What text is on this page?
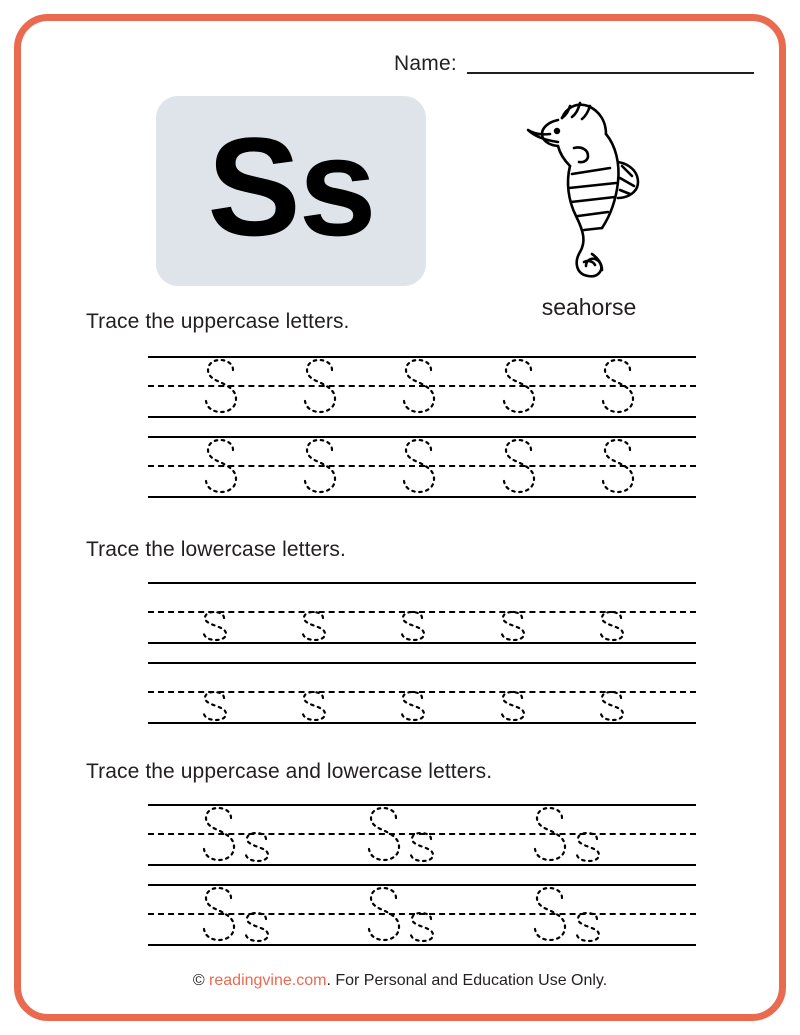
Name:
Ss
seahorse
Trace the uppercase letters.
Trace the lowercase letters.
Trace the uppercase and lowercase letters.
© readingvine.com. For Personal and Education Use Only.
